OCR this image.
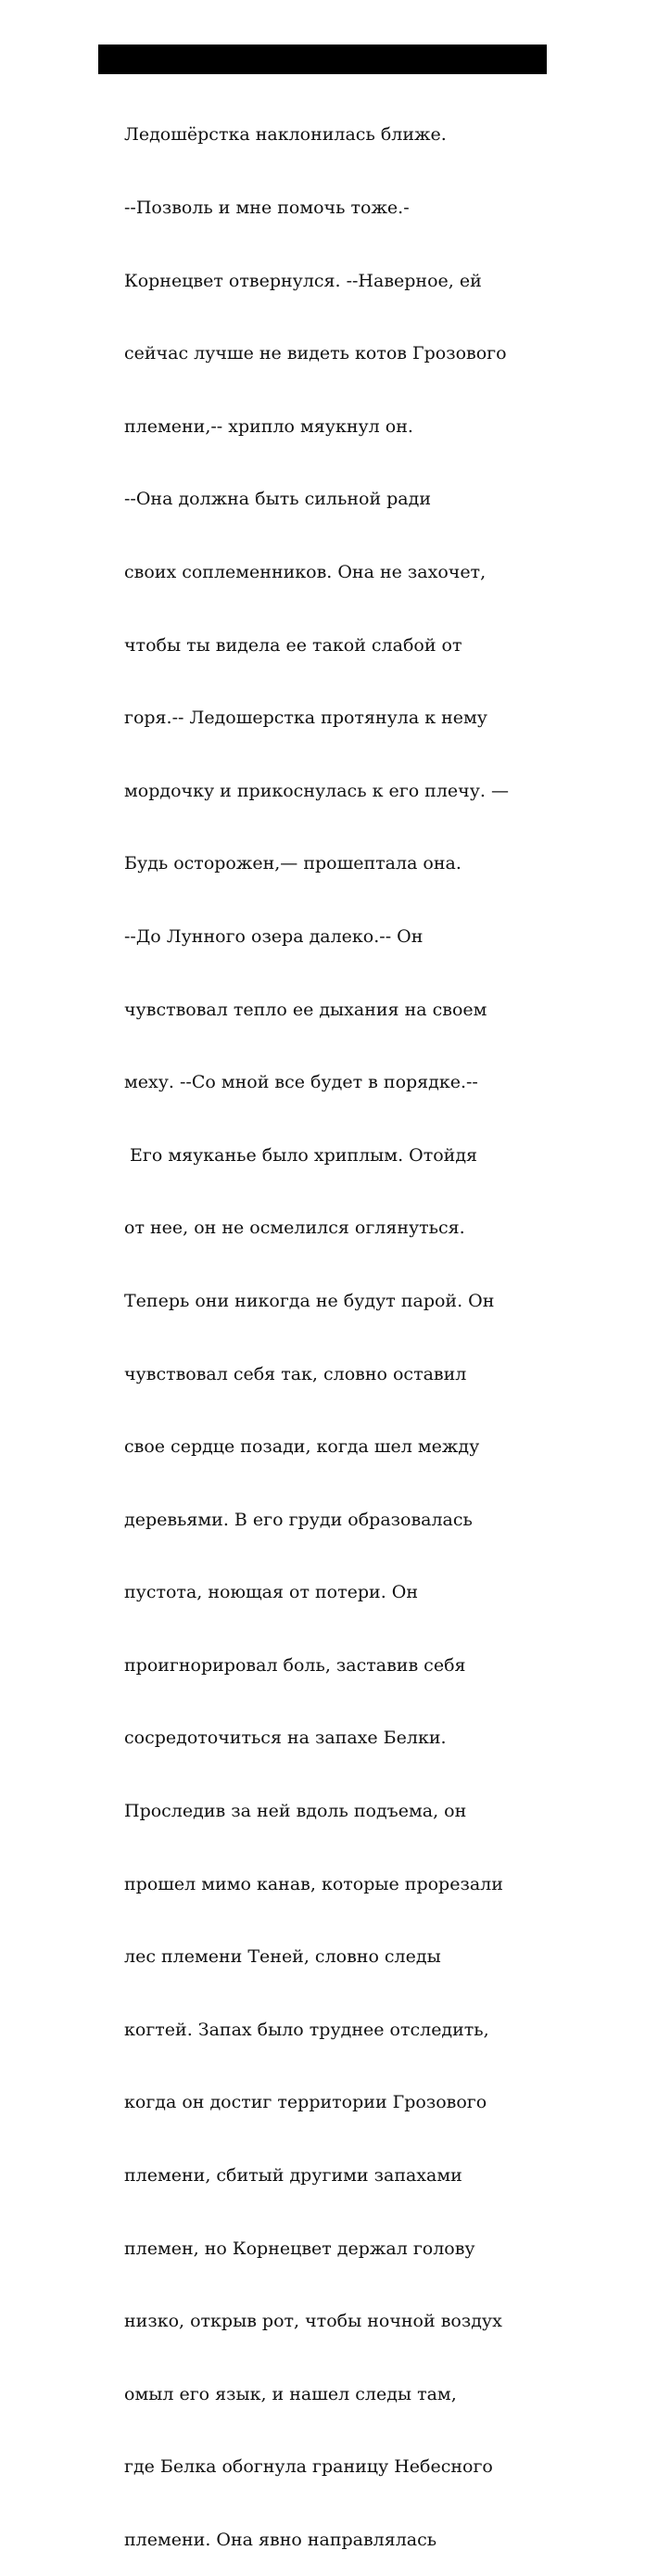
Ледошёрстка наклонилась ближе.

--Позволь и мне помочь тоже.-

Корнецвет отвернулся. --Наверное, ей

сейчас лучше не видеть котов Грозового

племени,-- хрипло мяукнул он.

--Она должна быть сильной ради

своих соплеменников. Она не захочет,

чтобы ты видела ее такой слабой от

горя.-- Ледошерстка протянула к нему

мордочку и прикоснулась к его плечу. —

Будь осторожен,— прошептала она.

--До Лунного озера далеко.-- Он

чувствовал тепло ее дыхания на своем

меху. --Со мной все будет в порядке.--

Его мяуканье было хриплым. Отойдя

от нее, он не осмелился оглянуться.

Теперь они никогда не будут парой. Он

чувствовал себя так, словно оставил

свое сердце позади, когда шел между

деревьями. В его груди образовалась

пустота, ноющая от потери. Он

проигнорировал боль, заставив себя

сосредоточиться на запахе Белки.

Проследив за ней вдоль подъема, он

прошел мимо канав, которые прорезали

лес племени Теней, словно следы

когтей. Запах было труднее отследить,

когда он достиг территории Грозового

племени, сбитый другими запахами

племен, но Корнецвет держал голову

низко, открыв рот, чтобы ночной воздух

омыл его язык, и нашел следы там,

где Белка обогнула границу Небесного

племени. Она явно направлялась
